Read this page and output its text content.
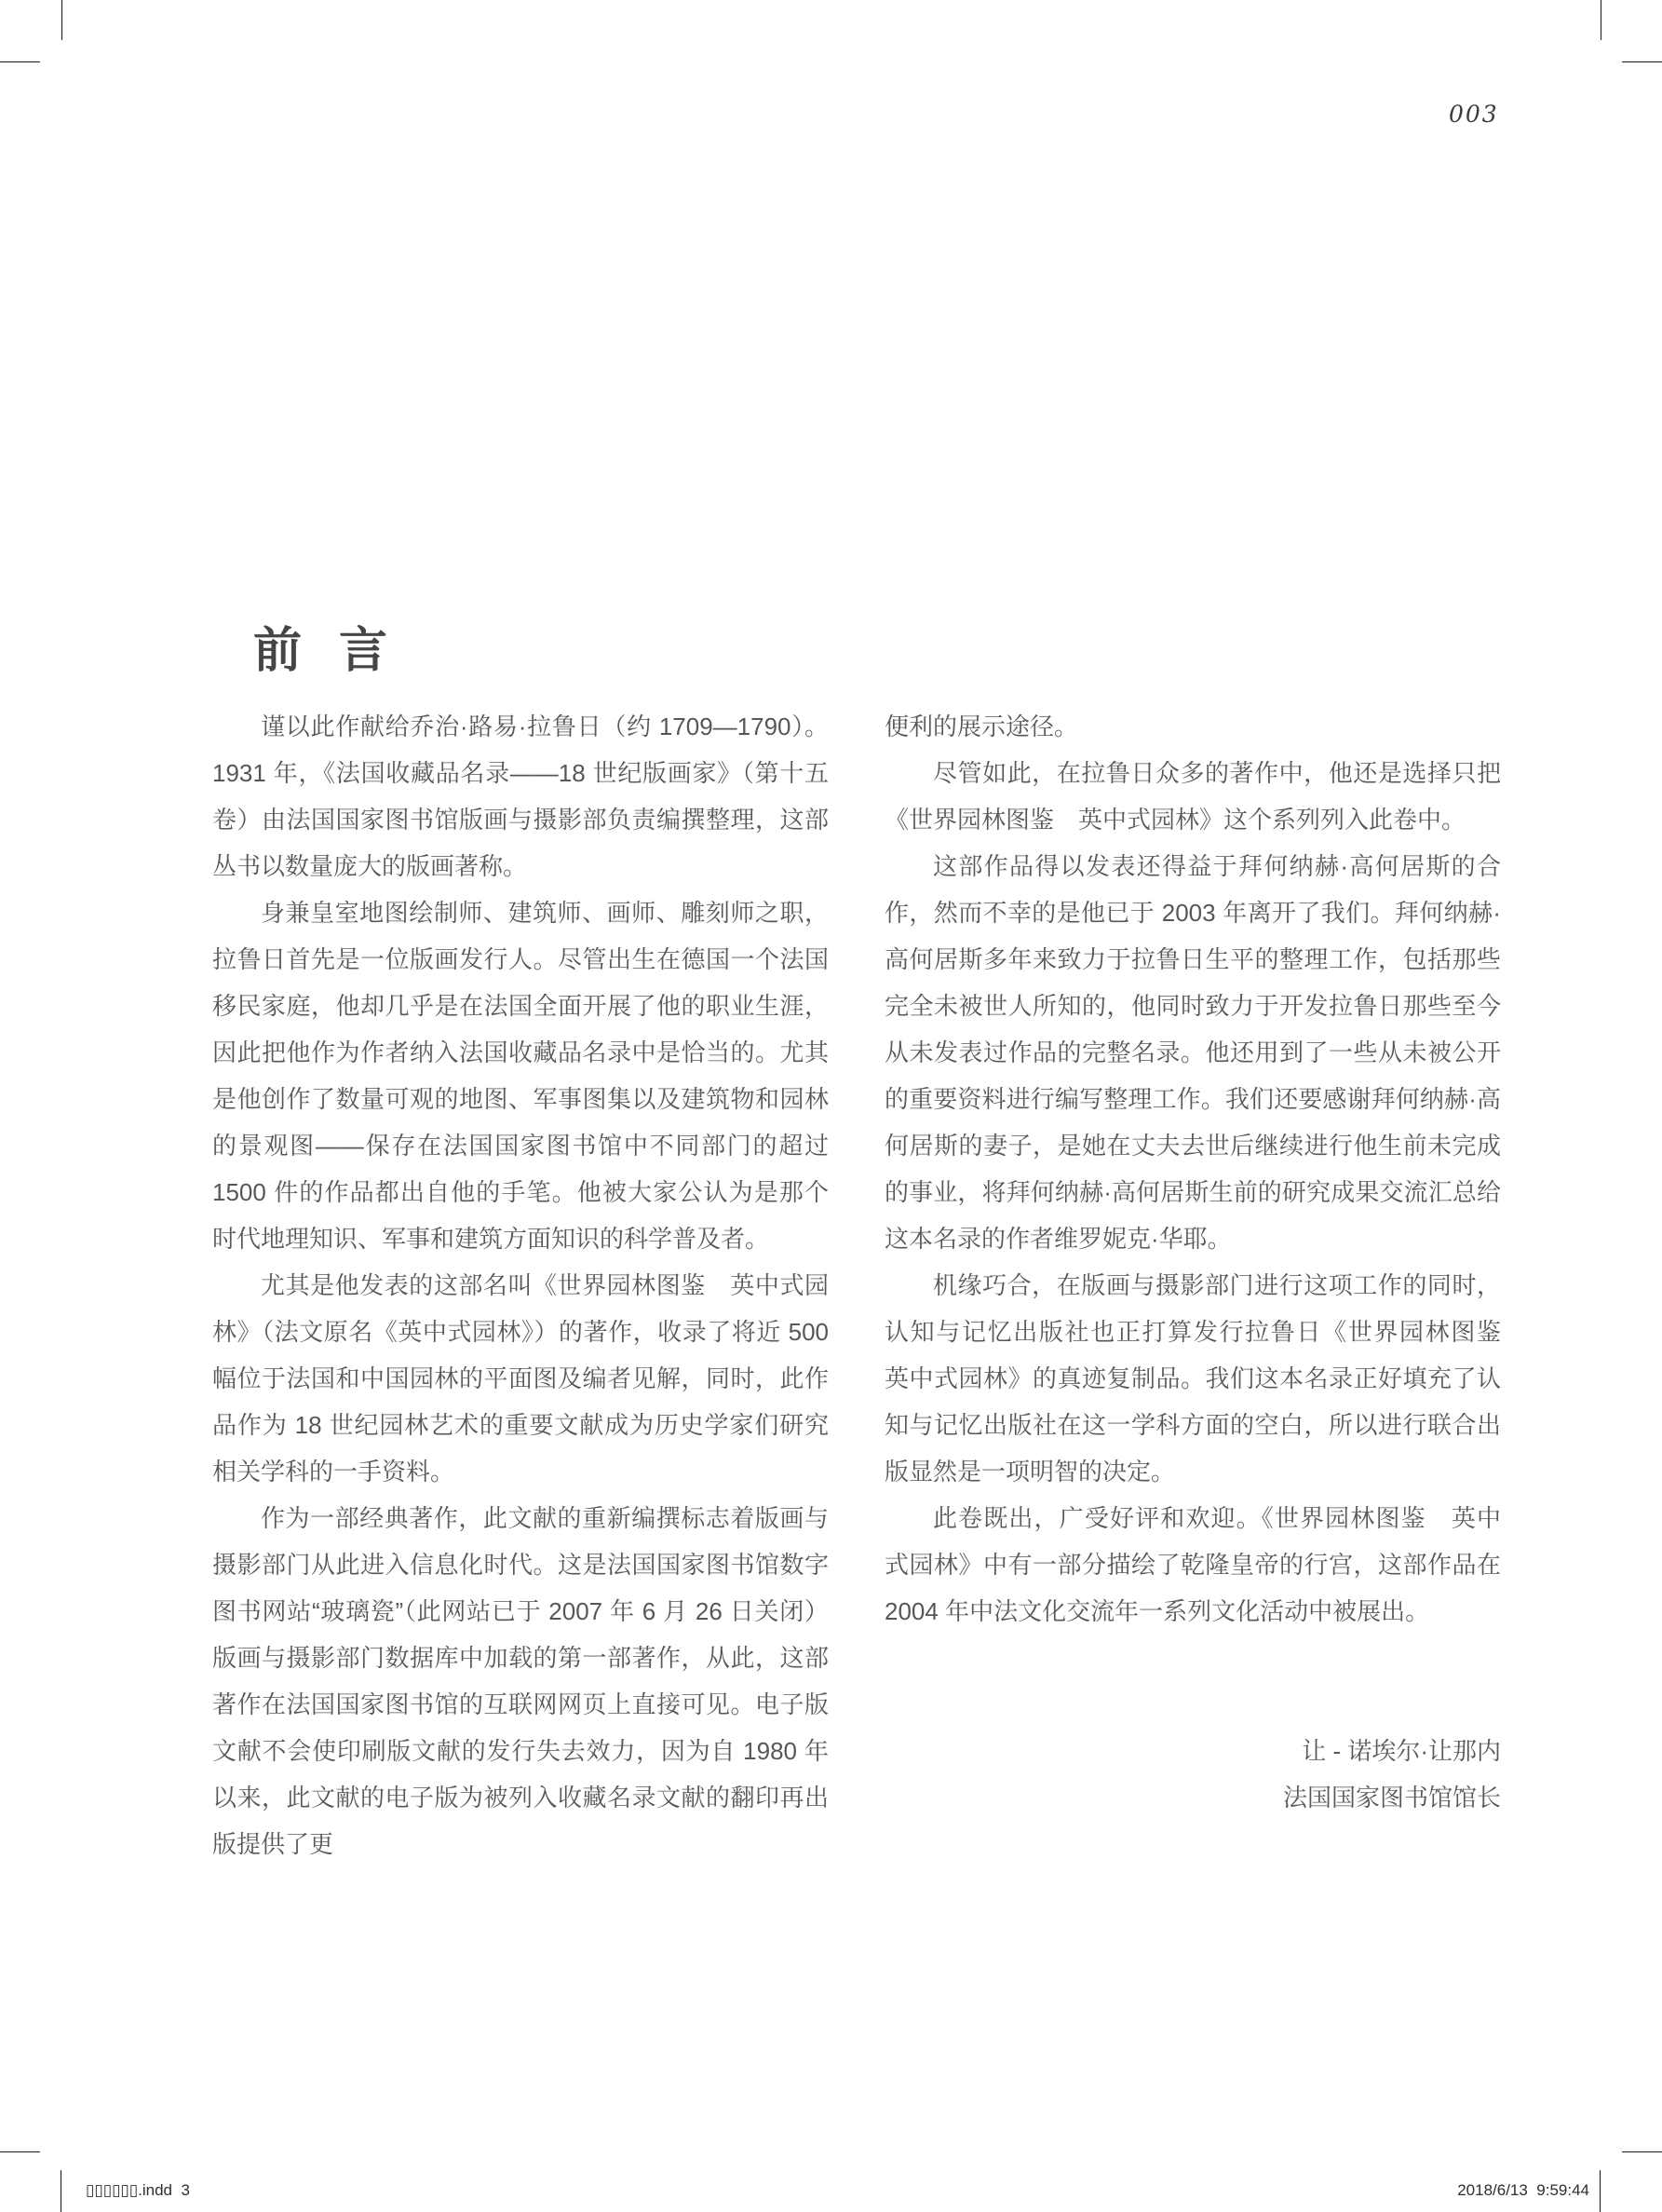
003
前言

谨以此作献给乔治·路易·拉鲁日（约 1709—1790）。1931 年，《法国收藏品名录——18 世纪版画家》（第十五卷）由法国国家图书馆版画与摄影部负责编撰整理，这部丛书以数量庞大的版画著称。

身兼皇室地图绘制师、建筑师、画师、雕刻师之职，拉鲁日首先是一位版画发行人。尽管出生在德国一个法国移民家庭，他却几乎是在法国全面开展了他的职业生涯，因此把他作为作者纳入法国收藏品名录中是恰当的。尤其是他创作了数量可观的地图、军事图集以及建筑物和园林的景观图——保存在法国国家图书馆中不同部门的超过 1500 件的作品都出自他的手笔。他被大家公认为是那个时代地理知识、军事和建筑方面知识的科学普及者。

尤其是他发表的这部名叫《世界园林图鉴　英中式园林》（法文原名《英中式园林》）的著作，收录了将近 500 幅位于法国和中国园林的平面图及编者见解，同时，此作品作为 18 世纪园林艺术的重要文献成为历史学家们研究相关学科的一手资料。

作为一部经典著作，此文献的重新编撰标志着版画与摄影部门从此进入信息化时代。这是法国国家图书馆数字图书网站“玻璃瓷”（此网站已于 2007 年 6 月 26 日关闭）版画与摄影部门数据库中加载的第一部著作，从此，这部著作在法国国家图书馆的互联网网页上直接可见。电子版文献不会使印刷版文献的发行失去效力，因为自 1980 年以来，此文献的电子版为被列入收藏名录文献的翻印再出版提供了更

便利的展示途径。

尽管如此，在拉鲁日众多的著作中，他还是选择只把《世界园林图鉴　英中式园林》这个系列列入此卷中。

这部作品得以发表还得益于拜何纳赫·高何居斯的合作，然而不幸的是他已于 2003 年离开了我们。拜何纳赫·高何居斯多年来致力于拉鲁日生平的整理工作，包括那些完全未被世人所知的，他同时致力于开发拉鲁日那些至今从未发表过作品的完整名录。他还用到了一些从未被公开的重要资料进行编写整理工作。我们还要感谢拜何纳赫·高何居斯的妻子，是她在丈夫去世后继续进行他生前未完成的事业，将拜何纳赫·高何居斯生前的研究成果交流汇总给这本名录的作者维罗妮克·华耶。

机缘巧合，在版画与摄影部门进行这项工作的同时，认知与记忆出版社也正打算发行拉鲁日《世界园林图鉴　英中式园林》的真迹复制品。我们这本名录正好填充了认知与记忆出版社在这一学科方面的空白，所以进行联合出版显然是一项明智的决定。

此卷既出，广受好评和欢迎。《世界园林图鉴　英中式园林》中有一部分描绘了乾隆皇帝的行宫，这部作品在 2004 年中法文化交流年一系列文化活动中被展出。

让 - 诺埃尔·让那内
法国国家图书馆馆长
▯▯▯▯▯▯.indd  3	2018/6/13  9:59:44
